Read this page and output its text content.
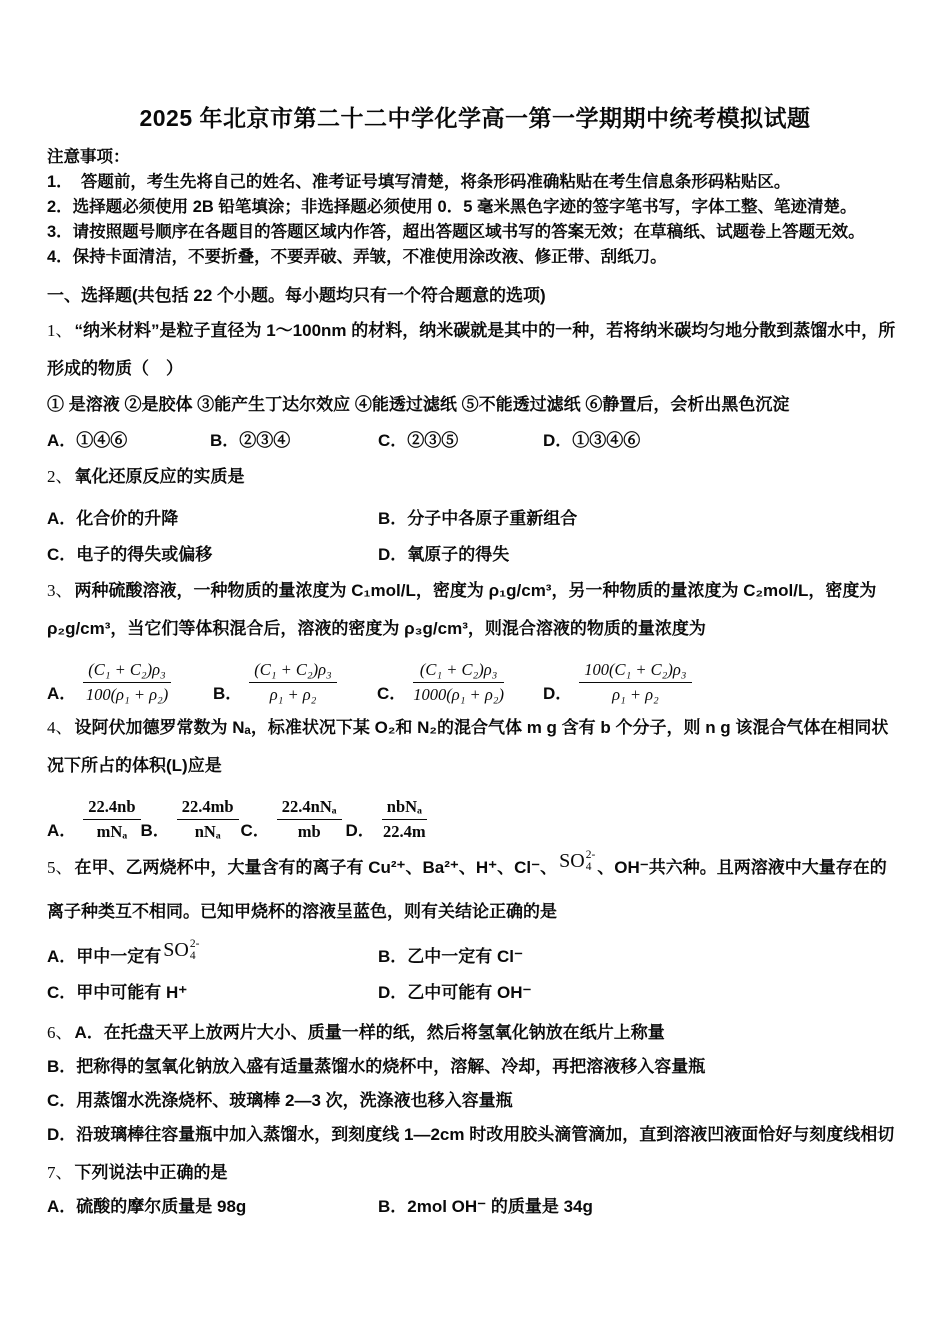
2025 年北京市第二十二中学化学高一第一学期期中统考模拟试题

注意事项：

1．　答题前，考生先将自己的姓名、准考证号填写清楚，将条形码准确粘贴在考生信息条形码粘贴区。

2．选择题必须使用 2B 铅笔填涂；非选择题必须使用 0．5 毫米黑色字迹的签字笔书写，字体工整、笔迹清楚。

3．请按照题号顺序在各题目的答题区域内作答，超出答题区域书写的答案无效；在草稿纸、试题卷上答题无效。

4．保持卡面清洁，不要折叠，不要弄破、弄皱，不准使用涂改液、修正带、刮纸刀。

一、选择题(共包括 22 个小题。每小题均只有一个符合题意的选项)

1、 “纳米材料”是粒子直径为 1～100nm 的材料，纳米碳就是其中的一种，若将纳米碳均匀地分散到蒸馏水中，所形成的物质（　）

① 是溶液 ②是胶体 ③能产生丁达尔效应 ④能透过滤纸 ⑤不能透过滤纸 ⑥静置后，会析出黑色沉淀

A．①④⑥	B．②③④	C．②③⑤	D．①③④⑥

2、 氧化还原反应的实质是

A．化合价的升降	B．分子中各原子重新组合
C．电子的得失或偏移	D．氧原子的得失

3、 两种硫酸溶液，一种物质的量浓度为 C₁mol/L，密度为 ρ₁g/cm³，另一种物质的量浓度为 C₂mol/L，密度为 ρ₂g/cm³，当它们等体积混合后，溶液的密度为 ρ₃g/cm³，则混合溶液的物质的量浓度为

A． $\frac{\text{(C₁ + C₂)ρ₃}}{\text{100(ρ₁ + ρ₂)}}$ B． $\frac{\text{(C₁ + C₂)ρ₃}}{\text{ρ₁ + ρ₂}}$ C． $\frac{\text{(C₁ + C₂)ρ₃}}{\text{1000(ρ₁ + ρ₂)}}$ D． $\frac{\text{100(C₁ + C₂)ρ₃}}{\text{ρ₁ + ρ₂}}$

4、 设阿伏加德罗常数为 Nₐ，标准状况下某 O₂和 N₂的混合气体 m g 含有 b 个分子，则 n g 该混合气体在相同状况下所占的体积(L)应是

A． $\frac{22.4nb}{\text{mNₐ}}$ B． $\frac{22.4mb}{\text{nNₐ}}$ C． $\frac{\text{22.4nNₐ}}{mb}$ D． $\frac{\text{nbNₐ}}{22.4m}$

5、 在甲、乙两烧杯中，大量含有的离子有 Cu²⁺、Ba²⁺、H⁺、Cl⁻、 SO 2-
4 、OH⁻共六种。且两溶液中大量存在的离子种类互不相同。已知甲烧杯的溶液呈蓝色，则有关结论正确的是

A．甲中一定有 SO 2-
4	B．乙中一定有 Cl⁻
C．甲中可能有 H⁺	D．乙中可能有 OH⁻

6、 A．在托盘天平上放两片大小、质量一样的纸，然后将氢氧化钠放在纸片上称量

B．把称得的氢氧化钠放入盛有适量蒸馏水的烧杯中，溶解、冷却，再把溶液移入容量瓶

C．用蒸馏水洗涤烧杯、玻璃棒 2—3 次，洗涤液也移入容量瓶

D．沿玻璃棒往容量瓶中加入蒸馏水，到刻度线 1—2cm 时改用胶头滴管滴加，直到溶液凹液面恰好与刻度线相切

7、 下列说法中正确的是

A．硫酸的摩尔质量是 98g	B．2mol OH⁻ 的质量是 34g
